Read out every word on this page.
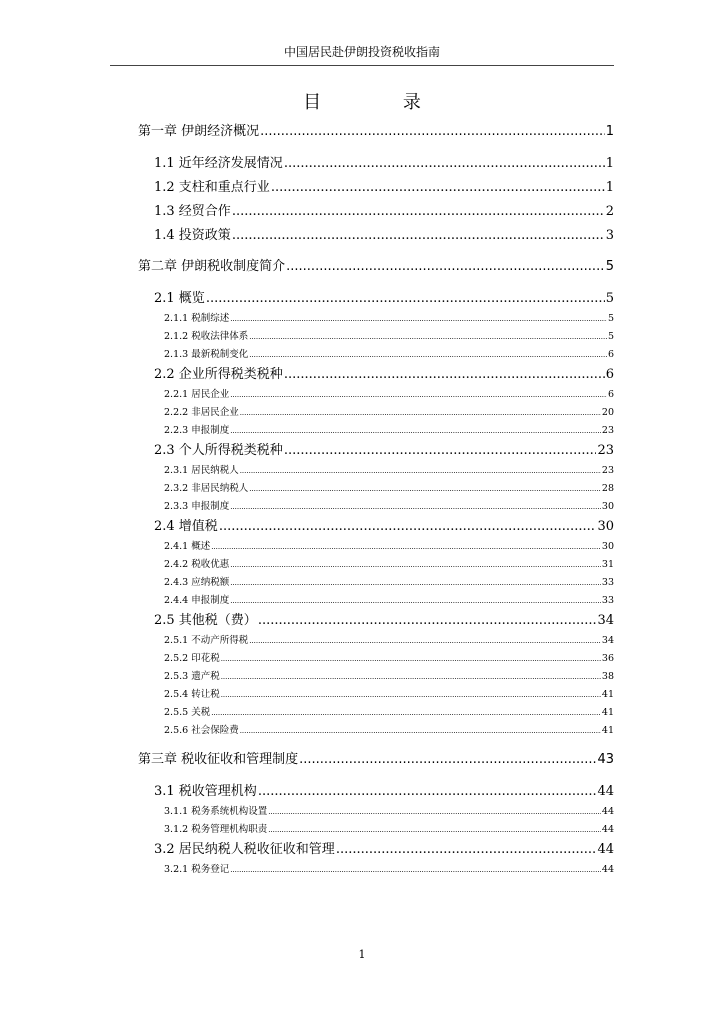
中国居民赴伊朗投资税收指南
目 录
第一章 伊朗经济概况 .....	1
1.1 近年经济发展情况 .....	1
1.2 支柱和重点行业 .....	1
1.3 经贸合作 .....	2
1.4 投资政策 .....	3
第二章 伊朗税收制度简介 .....	5
2.1 概览 .....	5
2.1.1 税制综述 .....	5
2.1.2 税收法律体系 .....	5
2.1.3 最新税制变化 .....	6
2.2 企业所得税类税种 .....	6
2.2.1 居民企业 .....	6
2.2.2 非居民企业 .....	20
2.2.3 申报制度 .....	23
2.3 个人所得税类税种 .....	23
2.3.1 居民纳税人 .....	23
2.3.2 非居民纳税人 .....	28
2.3.3 申报制度 .....	30
2.4 增值税 .....	30
2.4.1 概述 .....	30
2.4.2 税收优惠 .....	31
2.4.3 应纳税额 .....	33
2.4.4 申报制度 .....	33
2.5 其他税（费） .....	34
2.5.1 不动产所得税 .....	34
2.5.2 印花税 .....	36
2.5.3 遗产税 .....	38
2.5.4 转让税 .....	41
2.5.5 关税 .....	41
2.5.6 社会保险费 .....	41
第三章 税收征收和管理制度 .....	43
3.1 税收管理机构 .....	44
3.1.1 税务系统机构设置 .....	44
3.1.2 税务管理机构职责 .....	44
3.2 居民纳税人税收征收和管理 .....	44
3.2.1 税务登记 .....	44
1
